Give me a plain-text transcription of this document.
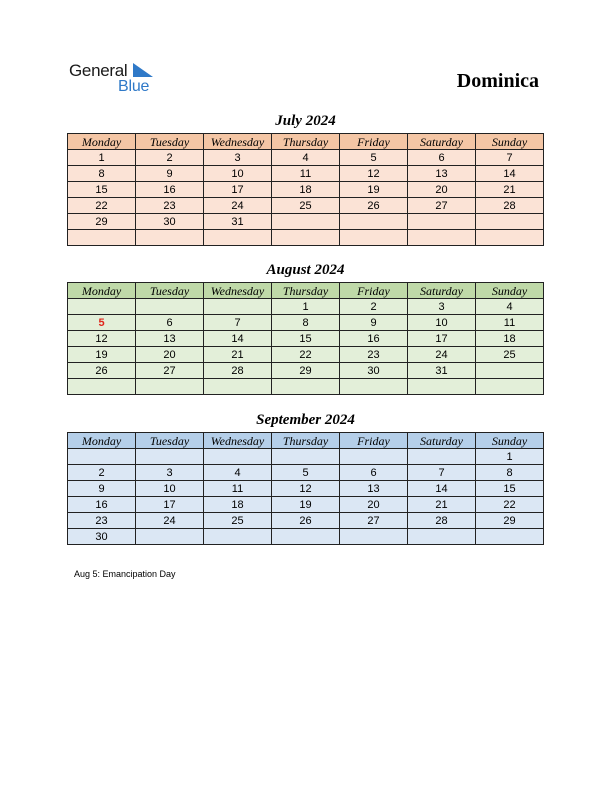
General
Blue	Dominica
July 2024
Monday	Tuesday	Wednesday	Thursday	Friday	Saturday	Sunday
1	2	3	4	5	6	7
8	9	10	11	12	13	14
15	16	17	18	19	20	21
22	23	24	25	26	27	28
29	30	31				

August 2024
Monday	Tuesday	Wednesday	Thursday	Friday	Saturday	Sunday
			1	2	3	4
5	6	7	8	9	10	11
12	13	14	15	16	17	18
19	20	21	22	23	24	25
26	27	28	29	30	31	

September 2024
Monday	Tuesday	Wednesday	Thursday	Friday	Saturday	Sunday
						1
2	3	4	5	6	7	8
9	10	11	12	13	14	15
16	17	18	19	20	21	22
23	24	25	26	27	28	29
30						
Aug 5: Emancipation Day
